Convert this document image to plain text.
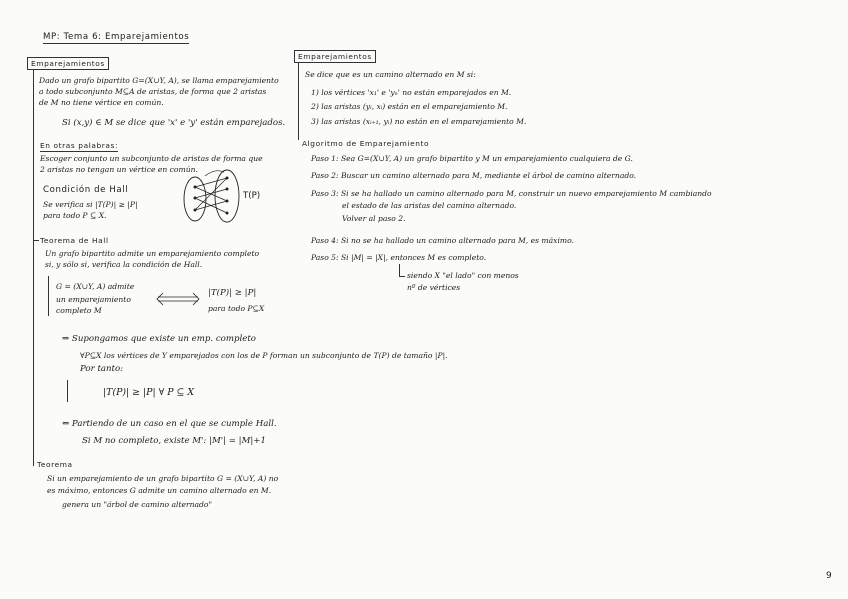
MP: Tema 6: Emparejamientos
Emparejamientos
Dado un grafo bipartito G=(X∪Y, A), se llama emparejamiento
a todo subconjunto M⊆A de aristas, de forma que 2 aristas
de M no tiene vértice en común.
Si (x,y) ∈ M se dice que 'x' e 'y' están emparejados.
En otras palabras:
Escoger conjunto un subconjunto de aristas de forma que
2 aristas no tengan un vértice en común.
Condición de Hall
Se verifica si |T(P)| ≥ |P|
para todo P ⊆ X.
T(P)
Teorema de Hall
Un grafo bipartito admite un emparejamiento completo
si, y sólo si, verifica la condición de Hall.
G = (X∪Y, A) admite
un emparejamiento
completo M
|T(P)| ≥ |P|
para todo P⊆X
⇒ Supongamos que existe un emp. completo
∀P⊆X los vértices de Y emparejados con los de P forman un subconjunto de T(P) de tamaño |P|.
Por tanto:
|T(P)| ≥ |P| ∀ P ⊆ X
⇐ Partiendo de un caso en el que se cumple Hall.
Si M no completo, existe M': |M'| = |M|+1
Teorema
Si un emparejamiento de un grafo bipartito G = (X∪Y, A) no
es máximo, entonces G admite un camino alternado en M.
genera un "árbol de camino alternado"
Emparejamientos
Se dice que es un camino alternado en M si:
1) los vértices 'x₁' e 'yₙ' no están emparejados en M.
2) las aristas (yᵢ, xᵢ) están en el emparejamiento M.
3) las aristas (xᵢ₊₁, yᵢ) no están en el emparejamiento M.
Algoritmo de Emparejamiento
Paso 1: Sea G=(X∪Y, A) un grafo bipartito y M un emparejamiento cualquiera de G.
Paso 2: Buscar un camino alternado para M, mediante el árbol de camino alternado.
Paso 3: Si se ha hallado un camino alternado para M, construir un nuevo emparejamiento M cambiando
el estado de las aristas del camino alternado.
Volver al paso 2.
Paso 4: Si no se ha hallado un camino alternado para M, es máximo.
Paso 5: Si |M| = |X|, entonces M es completo.
siendo X "el lado" con menos
nº de vértices
9
